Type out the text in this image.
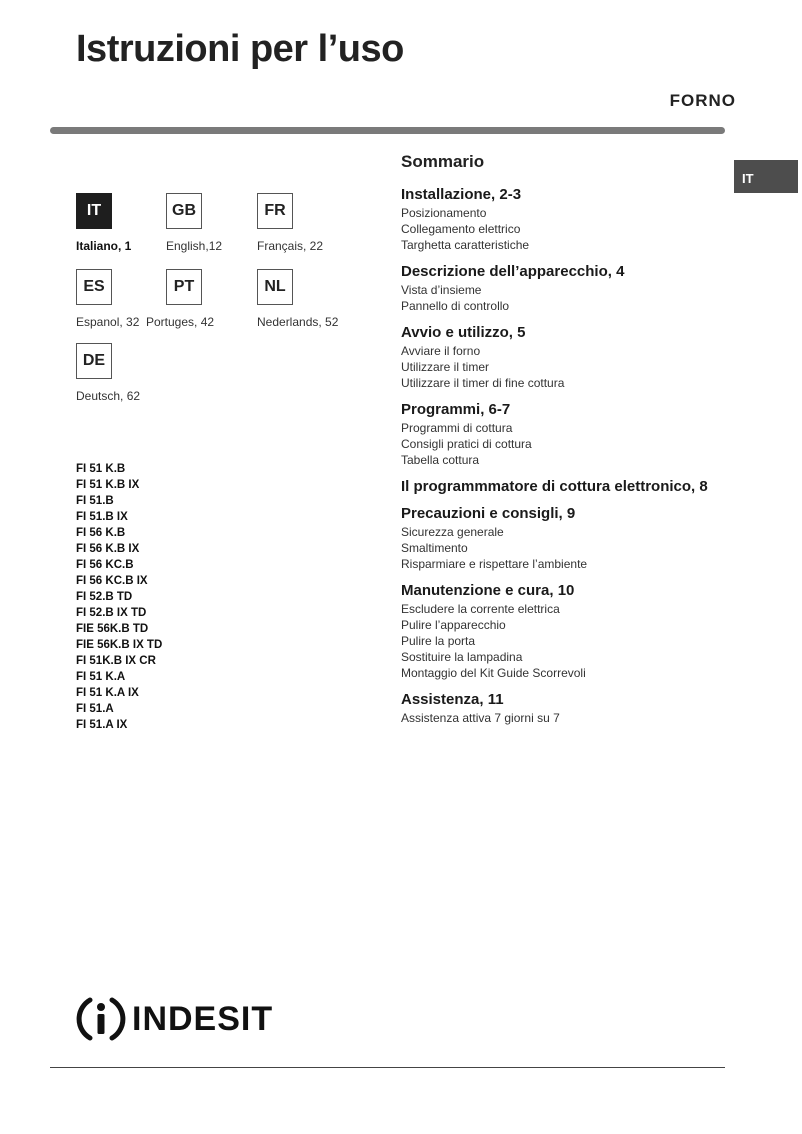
Istruzioni per l’uso
FORNO
IT
IT	GB	FR
Italiano, 1	English,12	Français, 22
ES	PT	NL
Espanol, 32 Portuges, 42	Nederlands, 52
DE
Deutsch, 62
FI 51 K.B
FI 51 K.B IX
FI 51.B
FI 51.B IX
FI 56 K.B
FI 56 K.B IX
FI 56 KC.B
FI 56 KC.B IX
FI 52.B TD
FI 52.B IX TD
FIE 56K.B TD
FIE 56K.B IX TD
FI 51K.B IX CR
FI 51 K.A
FI 51 K.A IX
FI 51.A
FI 51.A IX
Sommario
Installazione, 2-3
Posizionamento
Collegamento elettrico
Targhetta caratteristiche
Descrizione dell’apparecchio, 4
Vista d’insieme
Pannello di controllo
Avvio e utilizzo, 5
Avviare il forno
Utilizzare il timer
Utilizzare il timer di fine cottura
Programmi, 6-7
Programmi di cottura
Consigli pratici di cottura
Tabella cottura
Il programmmatore di cottura elettronico, 8
Precauzioni e consigli, 9
Sicurezza generale
Smaltimento
Risparmiare e rispettare l’ambiente
Manutenzione e cura, 10
Escludere la corrente elettrica
Pulire l’apparecchio
Pulire la porta
Sostituire la lampadina
Montaggio del Kit Guide Scorrevoli
Assistenza, 11
Assistenza attiva 7 giorni su 7
INDESIT
